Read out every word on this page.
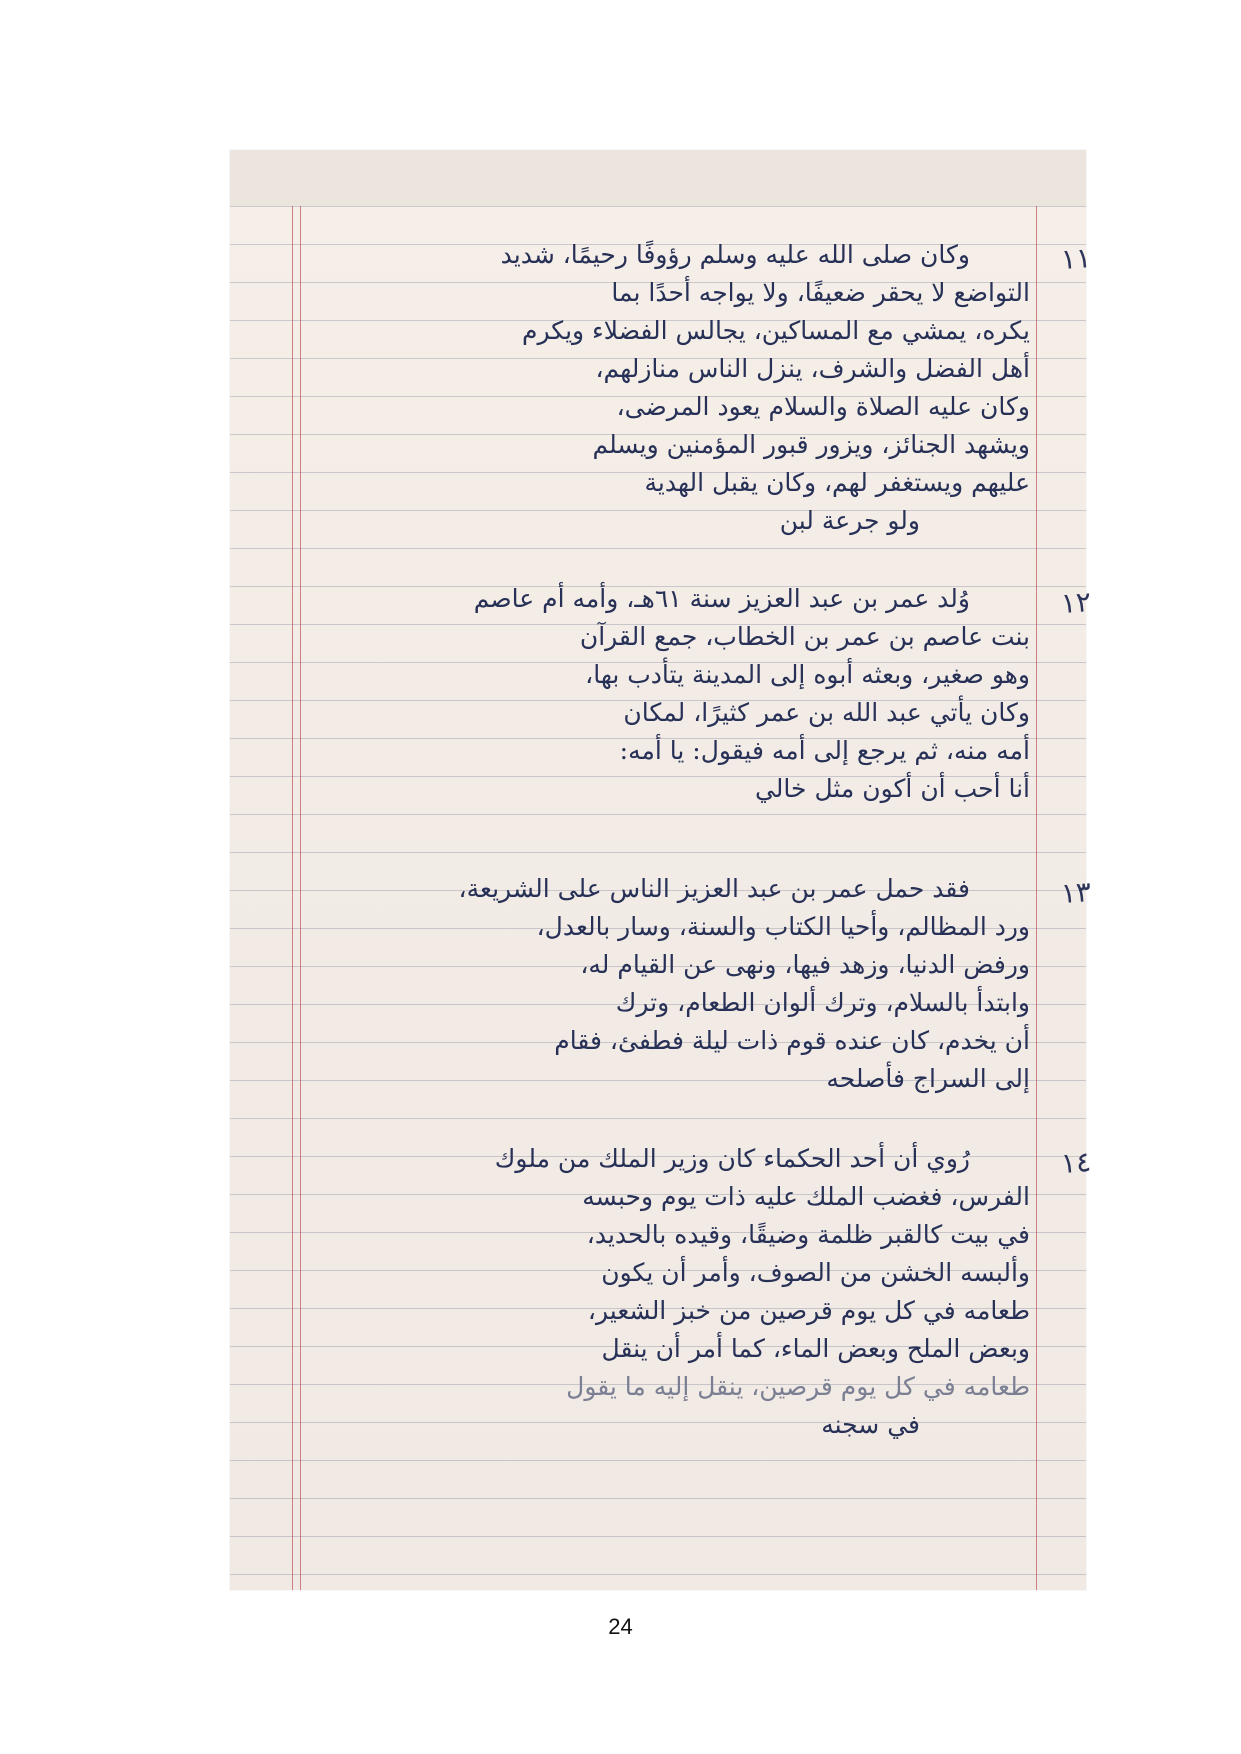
١١
وكان صلى الله عليه وسلم رؤوفًا رحيمًا، شديد
التواضع لا يحقر ضعيفًا، ولا يواجه أحدًا بما
يكره، يمشي مع المساكين، يجالس الفضلاء ويكرم
أهل الفضل والشرف، ينزل الناس منازلهم،
وكان عليه الصلاة والسلام يعود المرضى،
ويشهد الجنائز، ويزور قبور المؤمنين ويسلم
عليهم ويستغفر لهم، وكان يقبل الهدية
ولو جرعة لبن
١٢
وُلد عمر بن عبد العزيز سنة ٦١هـ، وأمه أم عاصم
بنت عاصم بن عمر بن الخطاب، جمع القرآن
وهو صغير، وبعثه أبوه إلى المدينة يتأدب بها،
وكان يأتي عبد الله بن عمر كثيرًا، لمكان
أمه منه، ثم يرجع إلى أمه فيقول: يا أمه:
أنا أحب أن أكون مثل خالي
١٣
فقد حمل عمر بن عبد العزيز الناس على الشريعة،
ورد المظالم، وأحيا الكتاب والسنة، وسار بالعدل،
ورفض الدنيا، وزهد فيها، ونهى عن القيام له،
وابتدأ بالسلام، وترك ألوان الطعام، وترك
أن يخدم، كان عنده قوم ذات ليلة فطفئ، فقام
إلى السراج فأصلحه
١٤
رُوي أن أحد الحكماء كان وزير الملك من ملوك
الفرس، فغضب الملك عليه ذات يوم وحبسه
في بيت كالقبر ظلمة وضيقًا، وقيده بالحديد،
وألبسه الخشن من الصوف، وأمر أن يكون
طعامه في كل يوم قرصين من خبز الشعير،
وبعض الملح وبعض الماء، كما أمر أن ينقل
طعامه في كل يوم قرصين، ينقل إليه ما يقول
في سجنه
24
